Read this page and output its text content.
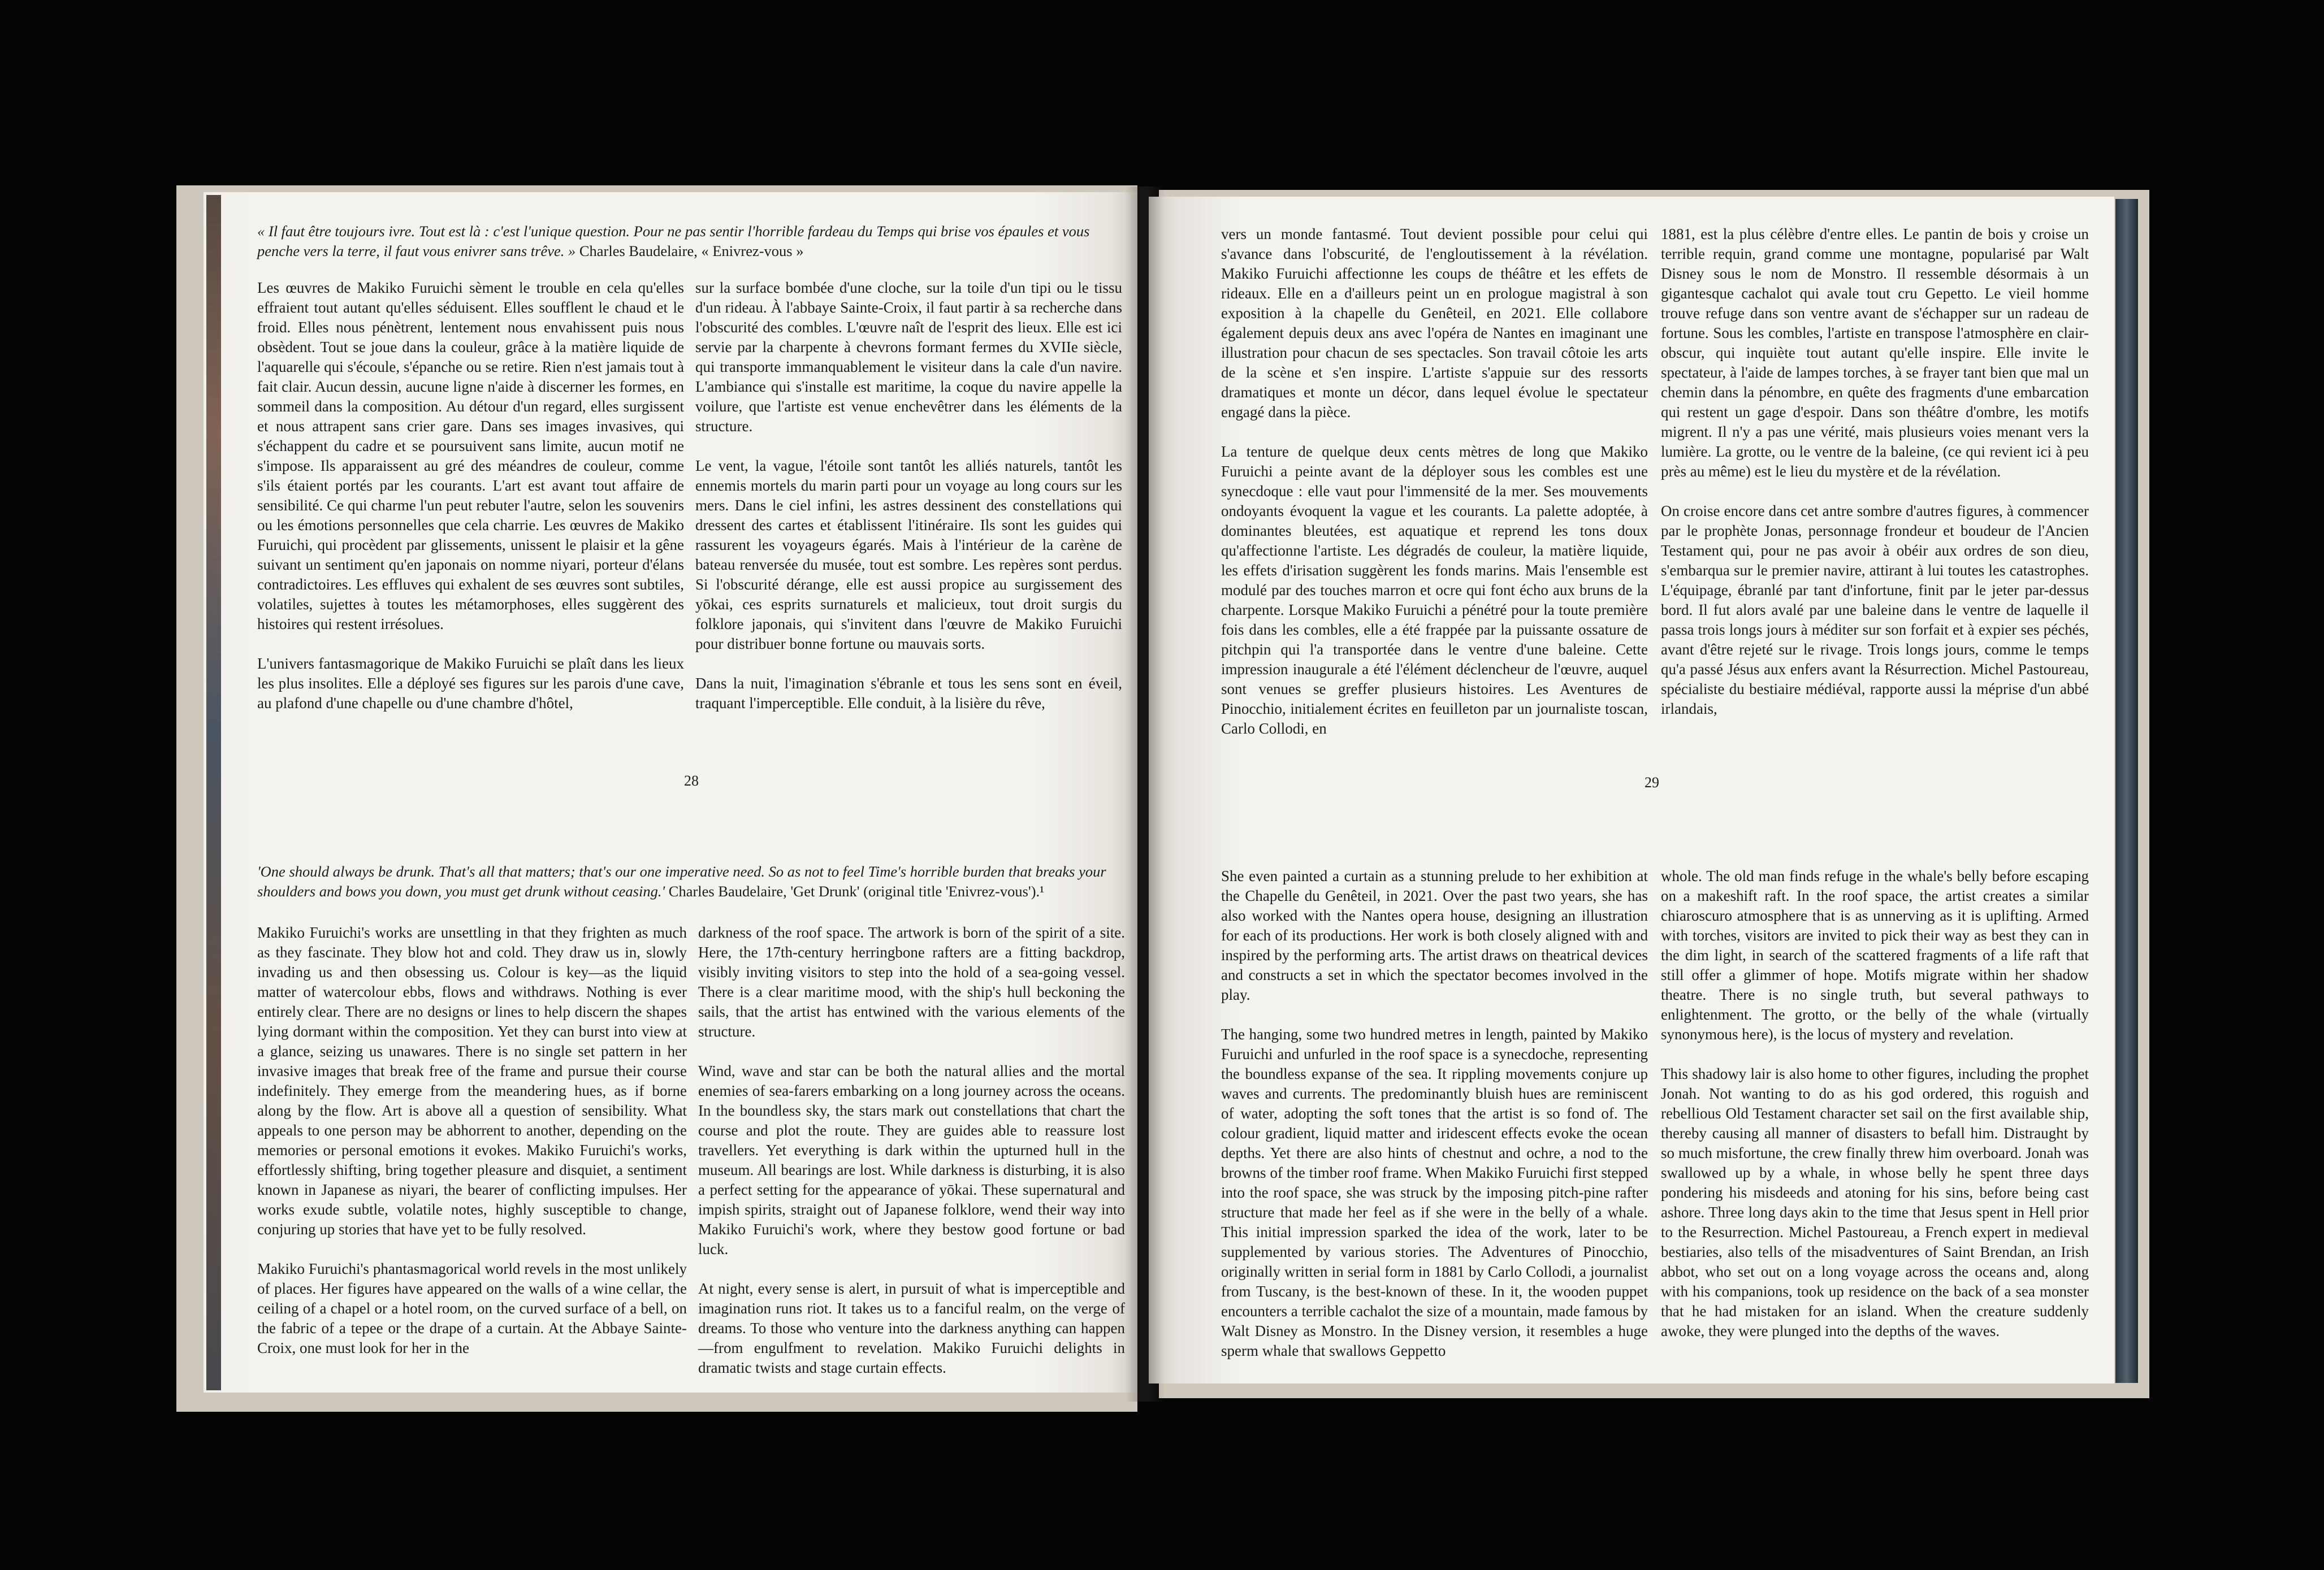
« Il faut être toujours ivre. Tout est là : c'est l'unique question. Pour ne pas sentir l'horrible fardeau du Temps qui brise vos épaules et vous penche vers la terre, il faut vous enivrer sans trêve. » Charles Baudelaire, « Enivrez-vous »

Les œuvres de Makiko Furuichi sèment le trouble en cela qu'elles effraient tout autant qu'elles séduisent. Elles soufflent le chaud et le froid. Elles nous pénètrent, lentement nous envahissent puis nous obsèdent. Tout se joue dans la couleur, grâce à la matière liquide de l'aquarelle qui s'écoule, s'épanche ou se retire. Rien n'est jamais tout à fait clair. Aucun dessin, aucune ligne n'aide à discerner les formes, en sommeil dans la composition. Au détour d'un regard, elles surgissent et nous attrapent sans crier gare. Dans ses images invasives, qui s'échappent du cadre et se poursuivent sans limite, aucun motif ne s'impose. Ils apparaissent au gré des méandres de couleur, comme s'ils étaient portés par les courants. L'art est avant tout affaire de sensibilité. Ce qui charme l'un peut rebuter l'autre, selon les souvenirs ou les émotions personnelles que cela charrie. Les œuvres de Makiko Furuichi, qui procèdent par glissements, unissent le plaisir et la gêne suivant un sentiment qu'en japonais on nomme niyari, porteur d'élans contradictoires. Les effluves qui exhalent de ses œuvres sont subtiles, volatiles, sujettes à toutes les métamorphoses, elles suggèrent des histoires qui restent irrésolues.

L'univers fantasmagorique de Makiko Furuichi se plaît dans les lieux les plus insolites. Elle a déployé ses figures sur les parois d'une cave, au plafond d'une chapelle ou d'une chambre d'hôtel,

sur la surface bombée d'une cloche, sur la toile d'un tipi ou le tissu d'un rideau. À l'abbaye Sainte-Croix, il faut partir à sa recherche dans l'obscurité des combles. L'œuvre naît de l'esprit des lieux. Elle est ici servie par la charpente à chevrons formant fermes du XVIIe siècle, qui transporte immanquablement le visiteur dans la cale d'un navire. L'ambiance qui s'installe est maritime, la coque du navire appelle la voilure, que l'artiste est venue enchevêtrer dans les éléments de la structure.

Le vent, la vague, l'étoile sont tantôt les alliés naturels, tantôt les ennemis mortels du marin parti pour un voyage au long cours sur les mers. Dans le ciel infini, les astres dessinent des constellations qui dressent des cartes et établissent l'itinéraire. Ils sont les guides qui rassurent les voyageurs égarés. Mais à l'intérieur de la carène de bateau renversée du musée, tout est sombre. Les repères sont perdus. Si l'obscurité dérange, elle est aussi propice au surgissement des yōkai, ces esprits surnaturels et malicieux, tout droit surgis du folklore japonais, qui s'invitent dans l'œuvre de Makiko Furuichi pour distribuer bonne fortune ou mauvais sorts.

Dans la nuit, l'imagination s'ébranle et tous les sens sont en éveil, traquant l'imperceptible. Elle conduit, à la lisière du rêve,

28
'One should always be drunk. That's all that matters; that's our one imperative need. So as not to feel Time's horrible burden that breaks your shoulders and bows you down, you must get drunk without ceasing.' Charles Baudelaire, 'Get Drunk' (original title 'Enivrez-vous').¹

Makiko Furuichi's works are unsettling in that they frighten as much as they fascinate. They blow hot and cold. They draw us in, slowly invading us and then obsessing us. Colour is key—as the liquid matter of watercolour ebbs, flows and withdraws. Nothing is ever entirely clear. There are no designs or lines to help discern the shapes lying dormant within the composition. Yet they can burst into view at a glance, seizing us unawares. There is no single set pattern in her invasive images that break free of the frame and pursue their course indefinitely. They emerge from the meandering hues, as if borne along by the flow. Art is above all a question of sensibility. What appeals to one person may be abhorrent to another, depending on the memories or personal emotions it evokes. Makiko Furuichi's works, effortlessly shifting, bring together pleasure and disquiet, a sentiment known in Japanese as niyari, the bearer of conflicting impulses. Her works exude subtle, volatile notes, highly susceptible to change, conjuring up stories that have yet to be fully resolved.

Makiko Furuichi's phantasmagorical world revels in the most unlikely of places. Her figures have appeared on the walls of a wine cellar, the ceiling of a chapel or a hotel room, on the curved surface of a bell, on the fabric of a tepee or the drape of a curtain. At the Abbaye Sainte-Croix, one must look for her in the

darkness of the roof space. The artwork is born of the spirit of a site. Here, the 17th-century herringbone rafters are a fitting backdrop, visibly inviting visitors to step into the hold of a sea-going vessel. There is a clear maritime mood, with the ship's hull beckoning the sails, that the artist has entwined with the various elements of the structure.

Wind, wave and star can be both the natural allies and the mortal enemies of sea-farers embarking on a long journey across the oceans. In the boundless sky, the stars mark out constellations that chart the course and plot the route. They are guides able to reassure lost travellers. Yet everything is dark within the upturned hull in the museum. All bearings are lost. While darkness is disturbing, it is also a perfect setting for the appearance of yōkai. These supernatural and impish spirits, straight out of Japanese folklore, wend their way into Makiko Furuichi's work, where they bestow good fortune or bad luck.

At night, every sense is alert, in pursuit of what is imperceptible and imagination runs riot. It takes us to a fanciful realm, on the verge of dreams. To those who venture into the darkness anything can happen—from engulfment to revelation. Makiko Furuichi delights in dramatic twists and stage curtain effects.

vers un monde fantasmé. Tout devient possible pour celui qui s'avance dans l'obscurité, de l'engloutissement à la révélation. Makiko Furuichi affectionne les coups de théâtre et les effets de rideaux. Elle en a d'ailleurs peint un en prologue magistral à son exposition à la chapelle du Genêteil, en 2021. Elle collabore également depuis deux ans avec l'opéra de Nantes en imaginant une illustration pour chacun de ses spectacles. Son travail côtoie les arts de la scène et s'en inspire. L'artiste s'appuie sur des ressorts dramatiques et monte un décor, dans lequel évolue le spectateur engagé dans la pièce.

La tenture de quelque deux cents mètres de long que Makiko Furuichi a peinte avant de la déployer sous les combles est une synecdoque : elle vaut pour l'immensité de la mer. Ses mouvements ondoyants évoquent la vague et les courants. La palette adoptée, à dominantes bleutées, est aquatique et reprend les tons doux qu'affectionne l'artiste. Les dégradés de couleur, la matière liquide, les effets d'irisation suggèrent les fonds marins. Mais l'ensemble est modulé par des touches marron et ocre qui font écho aux bruns de la charpente. Lorsque Makiko Furuichi a pénétré pour la toute première fois dans les combles, elle a été frappée par la puissante ossature de pitchpin qui l'a transportée dans le ventre d'une baleine. Cette impression inaugurale a été l'élément déclencheur de l'œuvre, auquel sont venues se greffer plusieurs histoires. Les Aventures de Pinocchio, initialement écrites en feuilleton par un journaliste toscan, Carlo Collodi, en

1881, est la plus célèbre d'entre elles. Le pantin de bois y croise un terrible requin, grand comme une montagne, popularisé par Walt Disney sous le nom de Monstro. Il ressemble désormais à un gigantesque cachalot qui avale tout cru Gepetto. Le vieil homme trouve refuge dans son ventre avant de s'échapper sur un radeau de fortune. Sous les combles, l'artiste en transpose l'atmosphère en clair-obscur, qui inquiète tout autant qu'elle inspire. Elle invite le spectateur, à l'aide de lampes torches, à se frayer tant bien que mal un chemin dans la pénombre, en quête des fragments d'une embarcation qui restent un gage d'espoir. Dans son théâtre d'ombre, les motifs migrent. Il n'y a pas une vérité, mais plusieurs voies menant vers la lumière. La grotte, ou le ventre de la baleine, (ce qui revient ici à peu près au même) est le lieu du mystère et de la révélation.

On croise encore dans cet antre sombre d'autres figures, à commencer par le prophète Jonas, personnage frondeur et boudeur de l'Ancien Testament qui, pour ne pas avoir à obéir aux ordres de son dieu, s'embarqua sur le premier navire, attirant à lui toutes les catastrophes. L'équipage, ébranlé par tant d'infortune, finit par le jeter par-dessus bord. Il fut alors avalé par une baleine dans le ventre de laquelle il passa trois longs jours à méditer sur son forfait et à expier ses péchés, avant d'être rejeté sur le rivage. Trois longs jours, comme le temps qu'a passé Jésus aux enfers avant la Résurrection. Michel Pastoureau, spécialiste du bestiaire médiéval, rapporte aussi la méprise d'un abbé irlandais,

29

She even painted a curtain as a stunning prelude to her exhibition at the Chapelle du Genêteil, in 2021. Over the past two years, she has also worked with the Nantes opera house, designing an illustration for each of its productions. Her work is both closely aligned with and inspired by the performing arts. The artist draws on theatrical devices and constructs a set in which the spectator becomes involved in the play.

The hanging, some two hundred metres in length, painted by Makiko Furuichi and unfurled in the roof space is a synecdoche, representing the boundless expanse of the sea. It rippling movements conjure up waves and currents. The predominantly bluish hues are reminiscent of water, adopting the soft tones that the artist is so fond of. The colour gradient, liquid matter and iridescent effects evoke the ocean depths. Yet there are also hints of chestnut and ochre, a nod to the browns of the timber roof frame. When Makiko Furuichi first stepped into the roof space, she was struck by the imposing pitch-pine rafter structure that made her feel as if she were in the belly of a whale. This initial impression sparked the idea of the work, later to be supplemented by various stories. The Adventures of Pinocchio, originally written in serial form in 1881 by Carlo Collodi, a journalist from Tuscany, is the best-known of these. In it, the wooden puppet encounters a terrible cachalot the size of a mountain, made famous by Walt Disney as Monstro. In the Disney version, it resembles a huge sperm whale that swallows Geppetto

whole. The old man finds refuge in the whale's belly before escaping on a makeshift raft. In the roof space, the artist creates a similar chiaroscuro atmosphere that is as unnerving as it is uplifting. Armed with torches, visitors are invited to pick their way as best they can in the dim light, in search of the scattered fragments of a life raft that still offer a glimmer of hope. Motifs migrate within her shadow theatre. There is no single truth, but several pathways to enlightenment. The grotto, or the belly of the whale (virtually synonymous here), is the locus of mystery and revelation.

This shadowy lair is also home to other figures, including the prophet Jonah. Not wanting to do as his god ordered, this roguish and rebellious Old Testament character set sail on the first available ship, thereby causing all manner of disasters to befall him. Distraught by so much misfortune, the crew finally threw him overboard. Jonah was swallowed up by a whale, in whose belly he spent three days pondering his misdeeds and atoning for his sins, before being cast ashore. Three long days akin to the time that Jesus spent in Hell prior to the Resurrection. Michel Pastoureau, a French expert in medieval bestiaries, also tells of the misadventures of Saint Brendan, an Irish abbot, who set out on a long voyage across the oceans and, along with his companions, took up residence on the back of a sea monster that he had mistaken for an island. When the creature suddenly awoke, they were plunged into the depths of the waves.
